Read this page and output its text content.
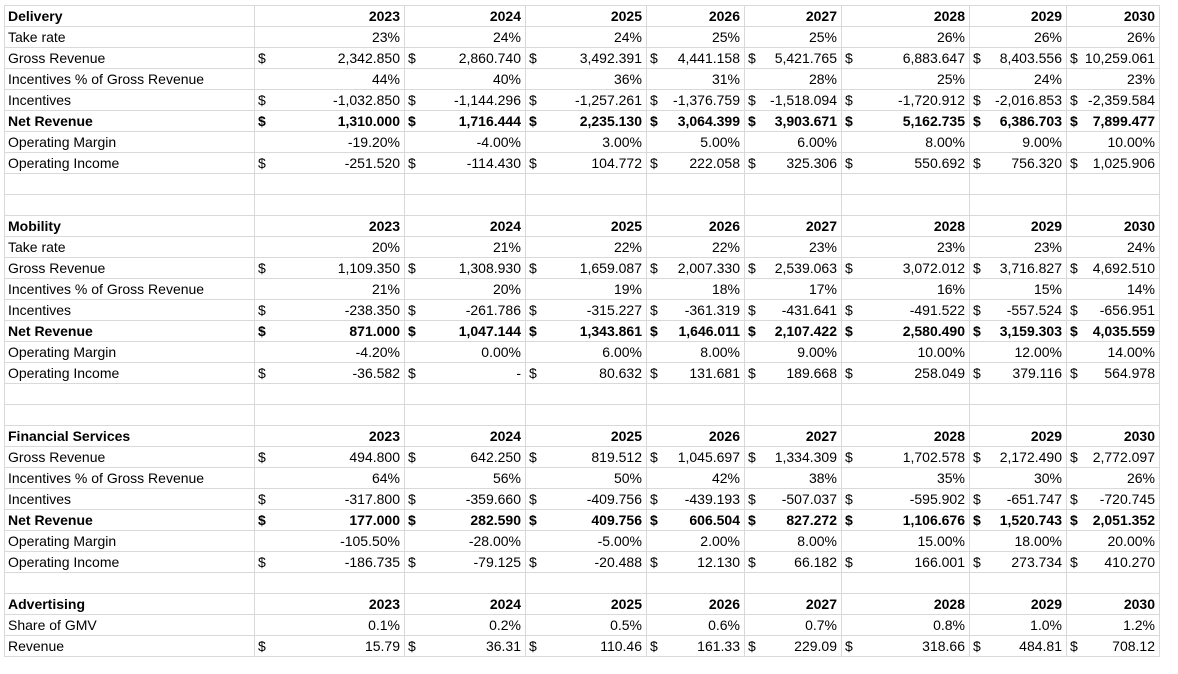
Delivery	2023	2024	2025	2026	2027	2028	2029	2030
Take rate	23%	24%	24%	25%	25%	26%	26%	26%
Gross Revenue	$ 2,342.850	$ 2,860.740	$ 3,492.391	$ 4,441.158	$ 5,421.765	$ 6,883.647	$ 8,403.556	$ 10,259.061

Incentives % of Gross Revenue	44%	40%	36%	31%	28%	25%	24%	23%
Incentives	$ -1,032.850	$ -1,144.296	$ -1,257.261	$ -1,376.759	$ -1,518.094	$ -1,720.912	$ -2,016.853	$ -2,359.584

Net Revenue	$ 1,310.000	$ 1,716.444	$ 2,235.130	$ 3,064.399	$ 3,903.671	$ 5,162.735	$ 6,386.703	$ 7,899.477

Operating Margin	-19.20%	-4.00%	3.00%	5.00%	6.00%	8.00%	9.00%	10.00%
Operating Income	$ -251.520	$ -114.430	$ 104.772	$ 222.058	$ 325.306	$ 550.692	$ 756.320	$ 1,025.906

Mobility	2023	2024	2025	2026	2027	2028	2029	2030
Take rate	20%	21%	22%	22%	23%	23%	23%	24%
Gross Revenue	$ 1,109.350	$ 1,308.930	$ 1,659.087	$ 2,007.330	$ 2,539.063	$ 3,072.012	$ 3,716.827	$ 4,692.510

Incentives % of Gross Revenue	21%	20%	19%	18%	17%	16%	15%	14%
Incentives	$ -238.350	$ -261.786	$ -315.227	$ -361.319	$ -431.641	$ -491.522	$ -557.524	$ -656.951

Net Revenue	$ 871.000	$ 1,047.144	$ 1,343.861	$ 1,646.011	$ 2,107.422	$ 2,580.490	$ 3,159.303	$ 4,035.559

Operating Margin	-4.20%	0.00%	6.00%	8.00%	9.00%	10.00%	12.00%	14.00%
Operating Income	$ -36.582	$ -	$ 80.632	$ 131.681	$ 189.668	$ 258.049	$ 379.116	$ 564.978

Financial Services	2023	2024	2025	2026	2027	2028	2029	2030
Gross Revenue	$ 494.800	$ 642.250	$ 819.512	$ 1,045.697	$ 1,334.309	$ 1,702.578	$ 2,172.490	$ 2,772.097

Incentives % of Gross Revenue	64%	56%	50%	42%	38%	35%	30%	26%
Incentives	$ -317.800	$ -359.660	$ -409.756	$ -439.193	$ -507.037	$ -595.902	$ -651.747	$ -720.745

Net Revenue	$ 177.000	$ 282.590	$ 409.756	$ 606.504	$ 827.272	$ 1,106.676	$ 1,520.743	$ 2,051.352

Operating Margin	-105.50%	-28.00%	-5.00%	2.00%	8.00%	15.00%	18.00%	20.00%
Operating Income	$ -186.735	$ -79.125	$ -20.488	$ 12.130	$ 66.182	$ 166.001	$ 273.734	$ 410.270

Advertising	2023	2024	2025	2026	2027	2028	2029	2030
Share of GMV	0.1%	0.2%	0.5%	0.6%	0.7%	0.8%	1.0%	1.2%
Revenue	$ 15.79	$ 36.31	$ 110.46	$ 161.33	$ 229.09	$ 318.66	$ 484.81	$ 708.12
